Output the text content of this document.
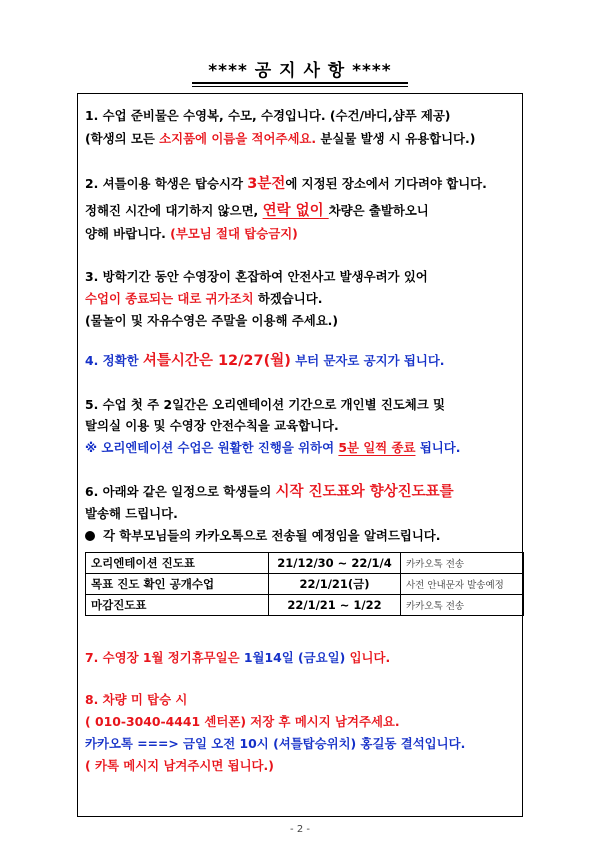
**** 공 지 사 항 ****
1. 수업 준비물은 수영복, 수모, 수경입니다. (수건/바디,샴푸 제공)
(학생의 모든 소지품에 이름을 적어주세요. 분실물 발생 시 유용합니다.)
2. 셔틀이용 학생은 탑승시각 3분전에 지정된 장소에서 기다려야 합니다.
정해진 시간에 대기하지 않으면, 연락 없이 차량은 출발하오니
양해 바랍니다. (부모님 절대 탑승금지)
3. 방학기간 동안 수영장이 혼잡하여 안전사고 발생우려가 있어
수업이 종료되는 대로 귀가조치 하겠습니다.
(물놀이 및 자유수영은 주말을 이용해 주세요.)
4. 정확한 셔틀시간은 12/27(월) 부터 문자로 공지가 됩니다.
5. 수업 첫 주 2일간은 오리엔테이션 기간으로 개인별 진도체크 및
탈의실 이용 및 수영장 안전수칙을 교육합니다.
※ 오리엔테이션 수업은 원활한 진행을 위하여 5분 일찍 종료 됩니다.
6. 아래와 같은 일정으로 학생들의 시작 진도표와 향상진도표를
발송해 드립니다.
각 학부모님들의 카카오톡으로 전송될 예정임을 알려드립니다.
오리엔테이션 진도표	21/12/30 ~ 22/1/4	카카오톡 전송
목표 진도 확인 공개수업	22/1/21(금)	사전 안내문자 발송예정
마감진도표	22/1/21 ~ 1/22	카카오톡 전송
7. 수영장 1월 정기휴무일은 1월14일 (금요일) 입니다.
8. 차량 미 탑승 시
( 010-3040-4441 센터폰) 저장 후 메시지 남겨주세요.
카카오톡 ===> 금일 오전 10시 (셔틀탑승위치) 홍길동 결석입니다.
( 카톡 메시지 남겨주시면 됩니다.)
- 2 -
